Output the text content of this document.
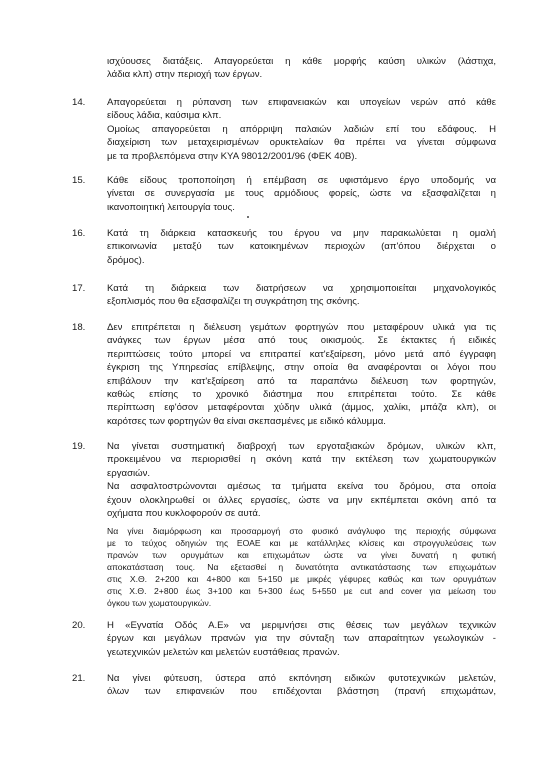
ισχύουσες διατάξεις. Απαγορεύεται η κάθε μορφής καύση υλικών (λάστιχα,
λάδια κλπ) στην περιοχή των έργων.
14. Απαγορεύεται η ρύπανση των επιφανειακών και υπογείων νερών από κάθε
είδους λάδια, καύσιμα κλπ.
Ομοίως απαγορεύεται η απόρριψη παλαιών λαδιών επί του εδάφους. Η
διαχείριση των μεταχειρισμένων ορυκτελαίων θα πρέπει να γίνεται σύμφωνα
με τα προβλεπόμενα στην ΚΥΑ 98012/2001/96 (ΦΕΚ 40Β).
15. Κάθε είδους τροποποίηση ή επέμβαση σε υφιστάμενο έργο υποδομής να
γίνεται σε συνεργασία με τους αρμόδιους φορείς, ώστε να εξασφαλίζεται η
ικανοποιητική λειτουργία τους.
16. Κατά τη διάρκεια κατασκευής του έργου να μην παρακωλύεται η ομαλή
επικοινωνία μεταξύ των κατοικημένων περιοχών (απ'όπου διέρχεται ο
δρόμος).
17. Κατά τη διάρκεια των διατρήσεων να χρησιμοποιείται μηχανολογικός
εξοπλισμός που θα εξασφαλίζει τη συγκράτηση της σκόνης.
18. Δεν επιτρέπεται η διέλευση γεμάτων φορτηγών που μεταφέρουν υλικά για τις
ανάγκες των έργων μέσα από τους οικισμούς. Σε έκτακτες ή ειδικές
περιπτώσεις τούτο μπορεί να επιτραπεί κατ'εξαίρεση, μόνο μετά από έγγραφη
έγκριση της Υπηρεσίας επίβλεψης, στην οποία θα αναφέρονται οι λόγοι που
επιβάλουν την κατ'εξαίρεση από τα παραπάνω διέλευση των φορτηγών,
καθώς επίσης το χρονικό διάστημα που επιτρέπεται τούτο. Σε κάθε
περίπτωση εφ'όσον μεταφέρονται χύδην υλικά (άμμος, χαλίκι, μπάζα κλπ), οι
καρότσες των φορτηγών θα είναι σκεπασμένες με ειδικό κάλυμμα.
19. Να γίνεται συστηματική διαβροχή των εργοταξιακών δρόμων, υλικών κλπ,
προκειμένου να περιορισθεί η σκόνη κατά την εκτέλεση των χωματουργικών
εργασιών.
Να ασφαλτοστρώνονται αμέσως τα τμήματα εκείνα του δρόμου, στα οποία
έχουν ολοκληρωθεί οι άλλες εργασίες, ώστε να μην εκπέμπεται σκόνη από τα
οχήματα που κυκλοφορούν σε αυτά.
Να γίνει διαμόρφωση και προσαρμογή στο φυσικό ανάγλυφο της περιοχής σύμφωνα
με το τεύχος οδηγιών της ΕΟΑΕ και με κατάλληλες κλίσεις και στρογγυλεύσεις των
πρανών των ορυγμάτων και επιχωμάτων ώστε να γίνει δυνατή η φυτική
αποκατάσταση τους. Να εξετασθεί η δυνατότητα αντικατάστασης των επιχωμάτων
στις Χ.Θ. 2+200 και 4+800 και 5+150 με μικρές γέφυρες καθώς και των ορυγμάτων
στις Χ.Θ. 2+800 έως 3+100 και 5+300 έως 5+550 με cut and cover για μείωση του
όγκου των χωματουργικών.
20. Η «Εγνατία Οδός Α.Ε» να μεριμνήσει στις θέσεις των μεγάλων τεχνικών
έργων και μεγάλων πρανών για την σύνταξη των απαραίτητων γεωλογικών -
γεωτεχνικών μελετών και μελετών ευστάθειας πρανών.
21. Να γίνει φύτευση, ύστερα από εκπόνηση ειδικών φυτοτεχνικών μελετών,
όλων των επιφανειών που επιδέχονται βλάστηση (πρανή επιχωμάτων,
